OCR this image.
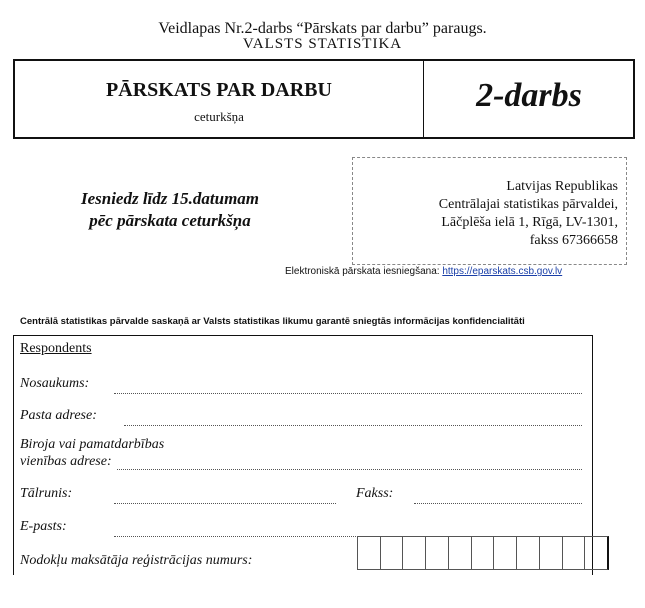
Veidlapas Nr.2-darbs “Pārskats par darbu” paraugs.
VALSTS STATISTIKA
PĀRSKATS PAR DARBU
ceturkšņa
2-darbs
Iesniedz līdz 15.datumam
pēc pārskata ceturkšņa
Latvijas Republikas
Centrālajai statistikas pārvaldei,
Lāčplēša ielā 1, Rīgā, LV-1301,
fakss 67366658
Elektroniskā pārskata iesniegšana: https://eparskats.csb.gov.lv
Centrālā statistikas pārvalde saskaņā ar Valsts statistikas likumu garantē sniegtās informācijas konfidencialitāti
Respondents
Nosaukums:
Pasta adrese:
Biroja vai pamatdarbības
vienības adrese:
Tālrunis:	Fakss:
E-pasts:
Nodokļu maksātāja reģistrācijas numurs:
